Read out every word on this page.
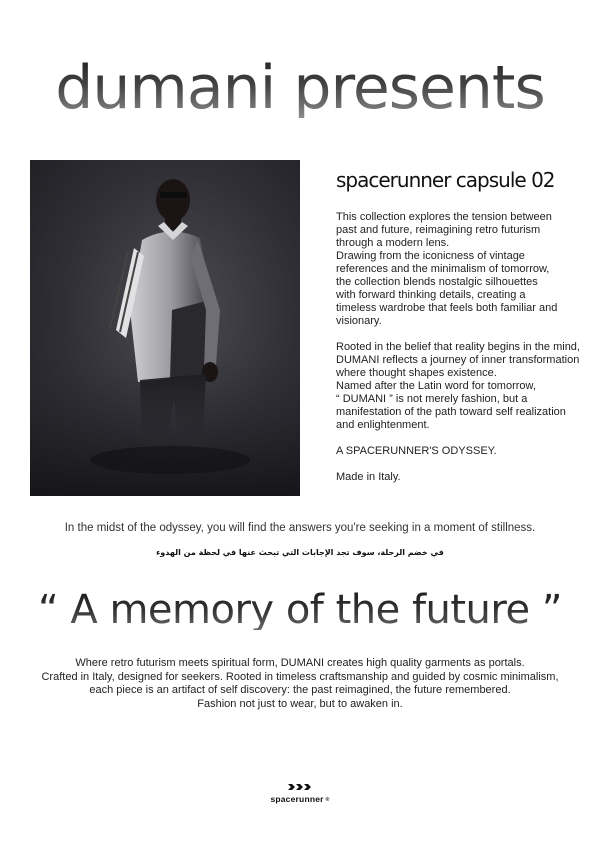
dumani presents
spacerunner capsule 02

This collection explores the tension between
past and future, reimagining retro futurism
through a modern lens.
Drawing from the iconicness of vintage
references and the minimalism of tomorrow,
the collection blends nostalgic silhouettes
with forward thinking details, creating a
timeless wardrobe that feels both familiar and
visionary.

Rooted in the belief that reality begins in the mind,
DUMANI reflects a journey of inner transformation
where thought shapes existence.
Named after the Latin word for tomorrow,
“ DUMANI ” is not merely fashion, but a
manifestation of the path toward self realization
and enlightenment.

A SPACERUNNER'S ODYSSEY.

Made in Italy.

In the midst of the odyssey, you will find the answers you're seeking in a moment of stillness.
في خضم الرحلة، سوف تجد الإجابات التي تبحث عنها في لحظة من الهدوء
“ A memory of the future ”

Where retro futurism meets spiritual form, DUMANI creates high quality garments as portals.

Crafted in Italy, designed for seekers. Rooted in timeless craftsmanship and guided by cosmic minimalism,

each piece is an artifact of self discovery: the past reimagined, the future remembered.

Fashion not just to wear, but to awaken in.

spacerunner ®
